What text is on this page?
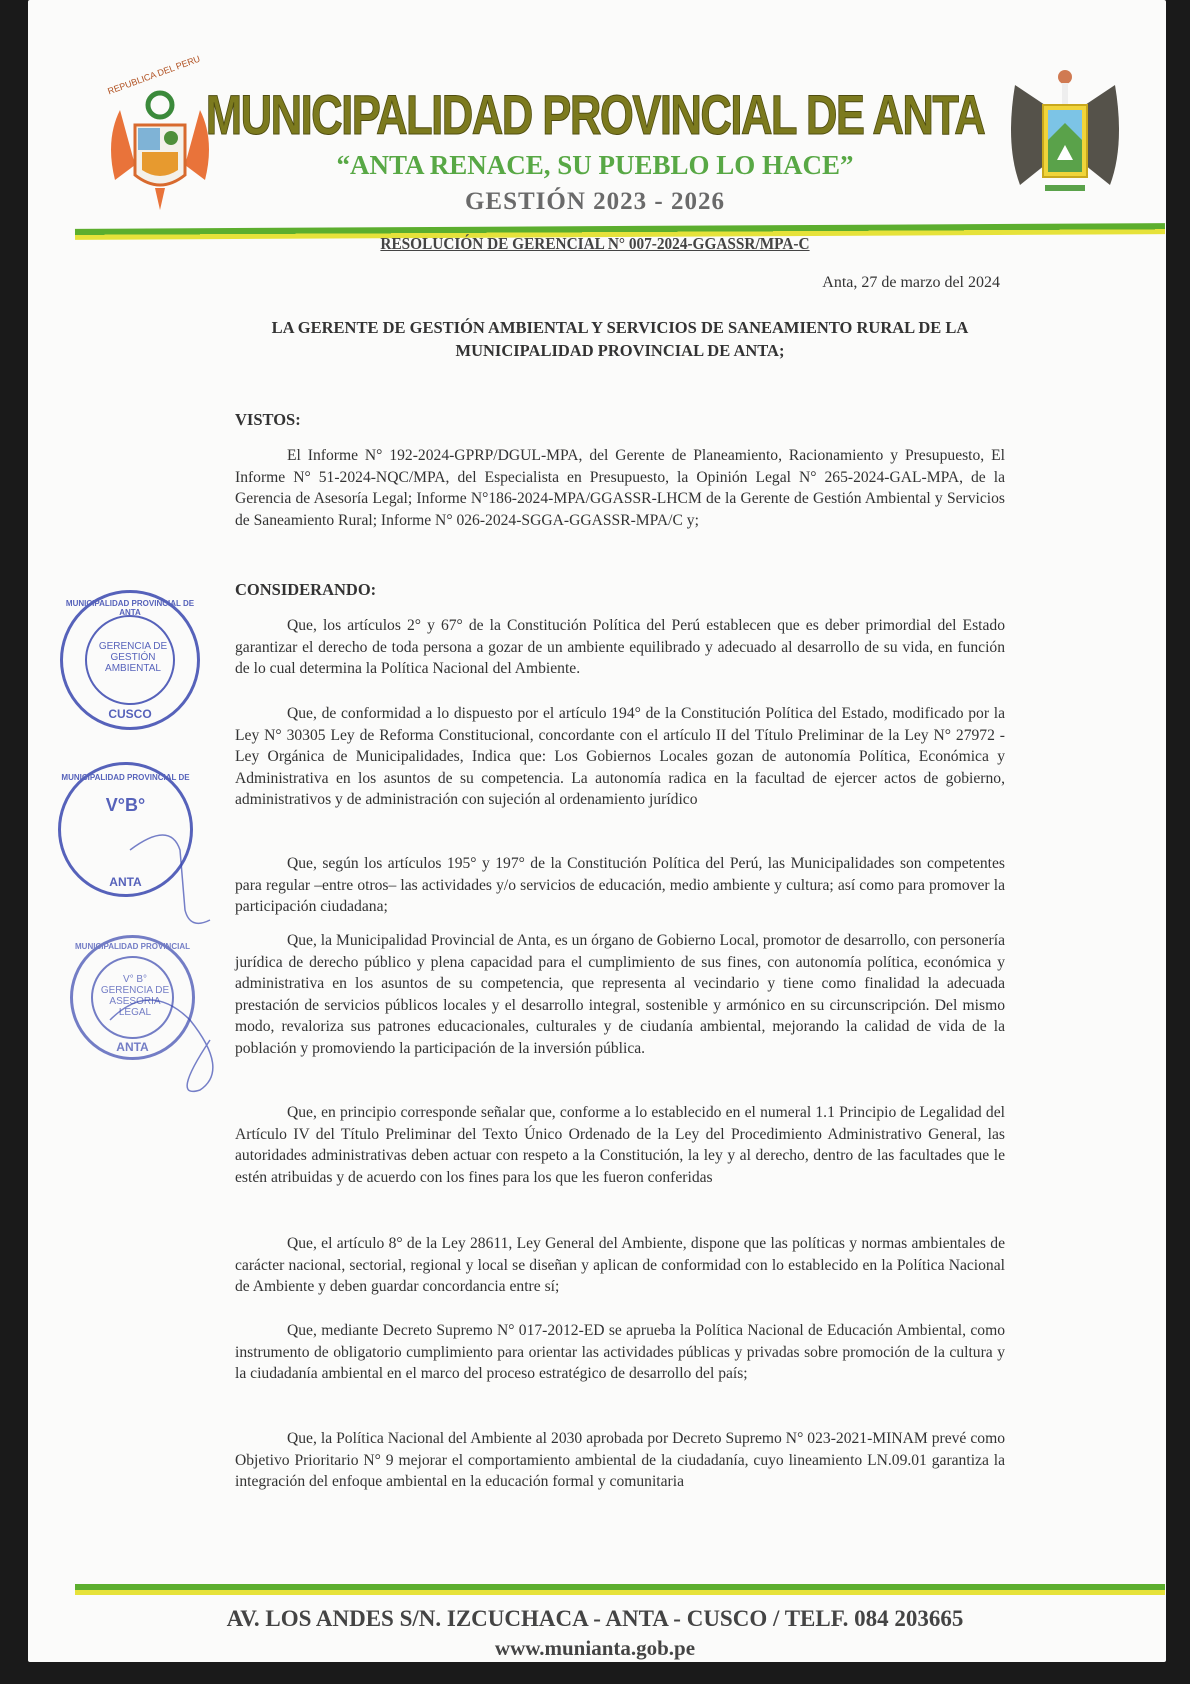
REPUBLICA DEL PERU
MUNICIPALIDAD PROVINCIAL DE ANTA
“ANTA RENACE, SU PUEBLO LO HACE”
GESTIÓN 2023 - 2026
RESOLUCIÓN DE GERENCIAL N° 007-2024-GGASSR/MPA-C
Anta, 27 de marzo del 2024
LA GERENTE DE GESTIÓN AMBIENTAL Y SERVICIOS DE SANEAMIENTO RURAL DE LA MUNICIPALIDAD PROVINCIAL DE ANTA;
VISTOS:
El Informe N° 192-2024-GPRP/DGUL-MPA, del Gerente de Planeamiento, Racionamiento y Presupuesto, El Informe N° 51-2024-NQC/MPA, del Especialista en Presupuesto, la Opinión Legal N° 265-2024-GAL-MPA, de la Gerencia de Asesoría Legal; Informe N°186-2024-MPA/GGASSR-LHCM de la Gerente de Gestión Ambiental y Servicios de Saneamiento Rural; Informe N° 026-2024-SGGA-GGASSR-MPA/C y;
CONSIDERANDO:
Que, los artículos 2° y 67° de la Constitución Política del Perú establecen que es deber primordial del Estado garantizar el derecho de toda persona a gozar de un ambiente equilibrado y adecuado al desarrollo de su vida, en función de lo cual determina la Política Nacional del Ambiente.
Que, de conformidad a lo dispuesto por el artículo 194° de la Constitución Política del Estado, modificado por la Ley N° 30305 Ley de Reforma Constitucional, concordante con el artículo II del Título Preliminar de la Ley N° 27972 - Ley Orgánica de Municipalidades, Indica que: Los Gobiernos Locales gozan de autonomía Política, Económica y Administrativa en los asuntos de su competencia. La autonomía radica en la facultad de ejercer actos de gobierno, administrativos y de administración con sujeción al ordenamiento jurídico
Que, según los artículos 195° y 197° de la Constitución Política del Perú, las Municipalidades son competentes para regular –entre otros– las actividades y/o servicios de educación, medio ambiente y cultura; así como para promover la participación ciudadana;
Que, la Municipalidad Provincial de Anta, es un órgano de Gobierno Local, promotor de desarrollo, con personería jurídica de derecho público y plena capacidad para el cumplimiento de sus fines, con autonomía política, económica y administrativa en los asuntos de su competencia, que representa al vecindario y tiene como finalidad la adecuada prestación de servicios públicos locales y el desarrollo integral, sostenible y armónico en su circunscripción. Del mismo modo, revaloriza sus patrones educacionales, culturales y de ciudanía ambiental, mejorando la calidad de vida de la población y promoviendo la participación de la inversión pública.
Que, en principio corresponde señalar que, conforme a lo establecido en el numeral 1.1 Principio de Legalidad del Artículo IV del Título Preliminar del Texto Único Ordenado de la Ley del Procedimiento Administrativo General, las autoridades administrativas deben actuar con respeto a la Constitución, la ley y al derecho, dentro de las facultades que le estén atribuidas y de acuerdo con los fines para los que les fueron conferidas
Que, el artículo 8° de la Ley 28611, Ley General del Ambiente, dispone que las políticas y normas ambientales de carácter nacional, sectorial, regional y local se diseñan y aplican de conformidad con lo establecido en la Política Nacional de Ambiente y deben guardar concordancia entre sí;
Que, mediante Decreto Supremo N° 017-2012-ED se aprueba la Política Nacional de Educación Ambiental, como instrumento de obligatorio cumplimiento para orientar las actividades públicas y privadas sobre promoción de la cultura y la ciudadanía ambiental en el marco del proceso estratégico de desarrollo del país;
Que, la Política Nacional del Ambiente al 2030 aprobada por Decreto Supremo N° 023-2021-MINAM prevé como Objetivo Prioritario N° 9 mejorar el comportamiento ambiental de la ciudadanía, cuyo lineamiento LN.09.01 garantiza la integración del enfoque ambiental en la educación formal y comunitaria
MUNICIPALIDAD PROVINCIAL DE ANTA
GERENCIA DE GESTIÓN AMBIENTAL
CUSCO
MUNICIPALIDAD PROVINCIAL DE
V°B°
ANTA
MUNICIPALIDAD PROVINCIAL
V° B° GERENCIA DE ASESORIA LEGAL
ANTA
AV. LOS ANDES S/N. IZCUCHACA - ANTA - CUSCO / TELF. 084 203665
www.munianta.gob.pe
